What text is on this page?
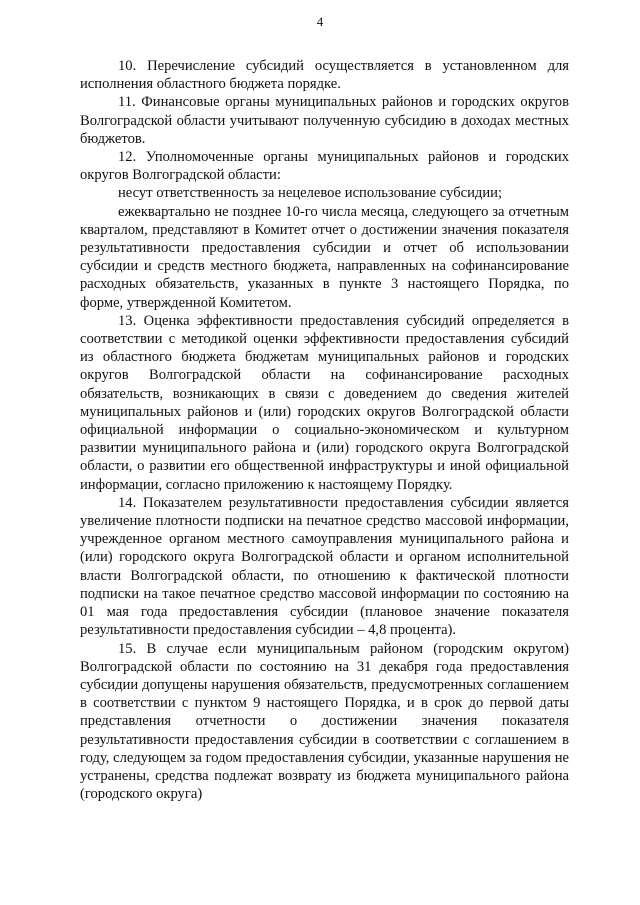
4

10. Перечисление субсидий осуществляется в установленном для исполнения областного бюджета порядке.

11. Финансовые органы муниципальных районов и городских округов Волгоградской области учитывают полученную субсидию в доходах местных бюджетов.

12. Уполномоченные органы муниципальных районов и городских округов Волгоградской области:

несут ответственность за нецелевое использование субсидии;

ежеквартально не позднее 10-го числа месяца, следующего за отчетным кварталом, представляют в Комитет отчет о достижении значения показателя результативности предоставления субсидии и отчет об использовании субсидии и средств местного бюджета, направленных на софинансирование расходных обязательств, указанных в пункте 3 настоящего Порядка, по форме, утвержденной Комитетом.

13. Оценка эффективности предоставления субсидий определяется в соответствии с методикой оценки эффективности предоставления субсидий из областного бюджета бюджетам муниципальных районов и городских округов Волгоградской области на софинансирование расходных обязательств, возникающих в связи с доведением до сведения жителей муниципальных районов и (или) городских округов Волгоградской области официальной информации о социально-экономическом и культурном развитии муниципального района и (или) городского округа Волгоградской области, о развитии его общественной инфраструктуры и иной официальной информации, согласно приложению к настоящему Порядку.

14. Показателем результативности предоставления субсидии является увеличение плотности подписки на печатное средство массовой информации, учрежденное органом местного самоуправления муниципального района и (или) городского округа Волгоградской области и органом исполнительной власти Волгоградской области, по отношению к фактической плотности подписки на такое печатное средство массовой информации по состоянию на 01 мая года предоставления субсидии (плановое значение показателя результативности предоставления субсидии – 4,8 процента).

15. В случае если муниципальным районом (городским округом) Волгоградской области по состоянию на 31 декабря года предоставления субсидии допущены нарушения обязательств, предусмотренных соглашением в соответствии с пунктом 9 настоящего Порядка, и в срок до первой даты представления отчетности о достижении значения показателя результативности предоставления субсидии в соответствии с соглашением в году, следующем за годом предоставления субсидии, указанные нарушения не устранены, средства подлежат возврату из бюджета муниципального района (городского округа)
